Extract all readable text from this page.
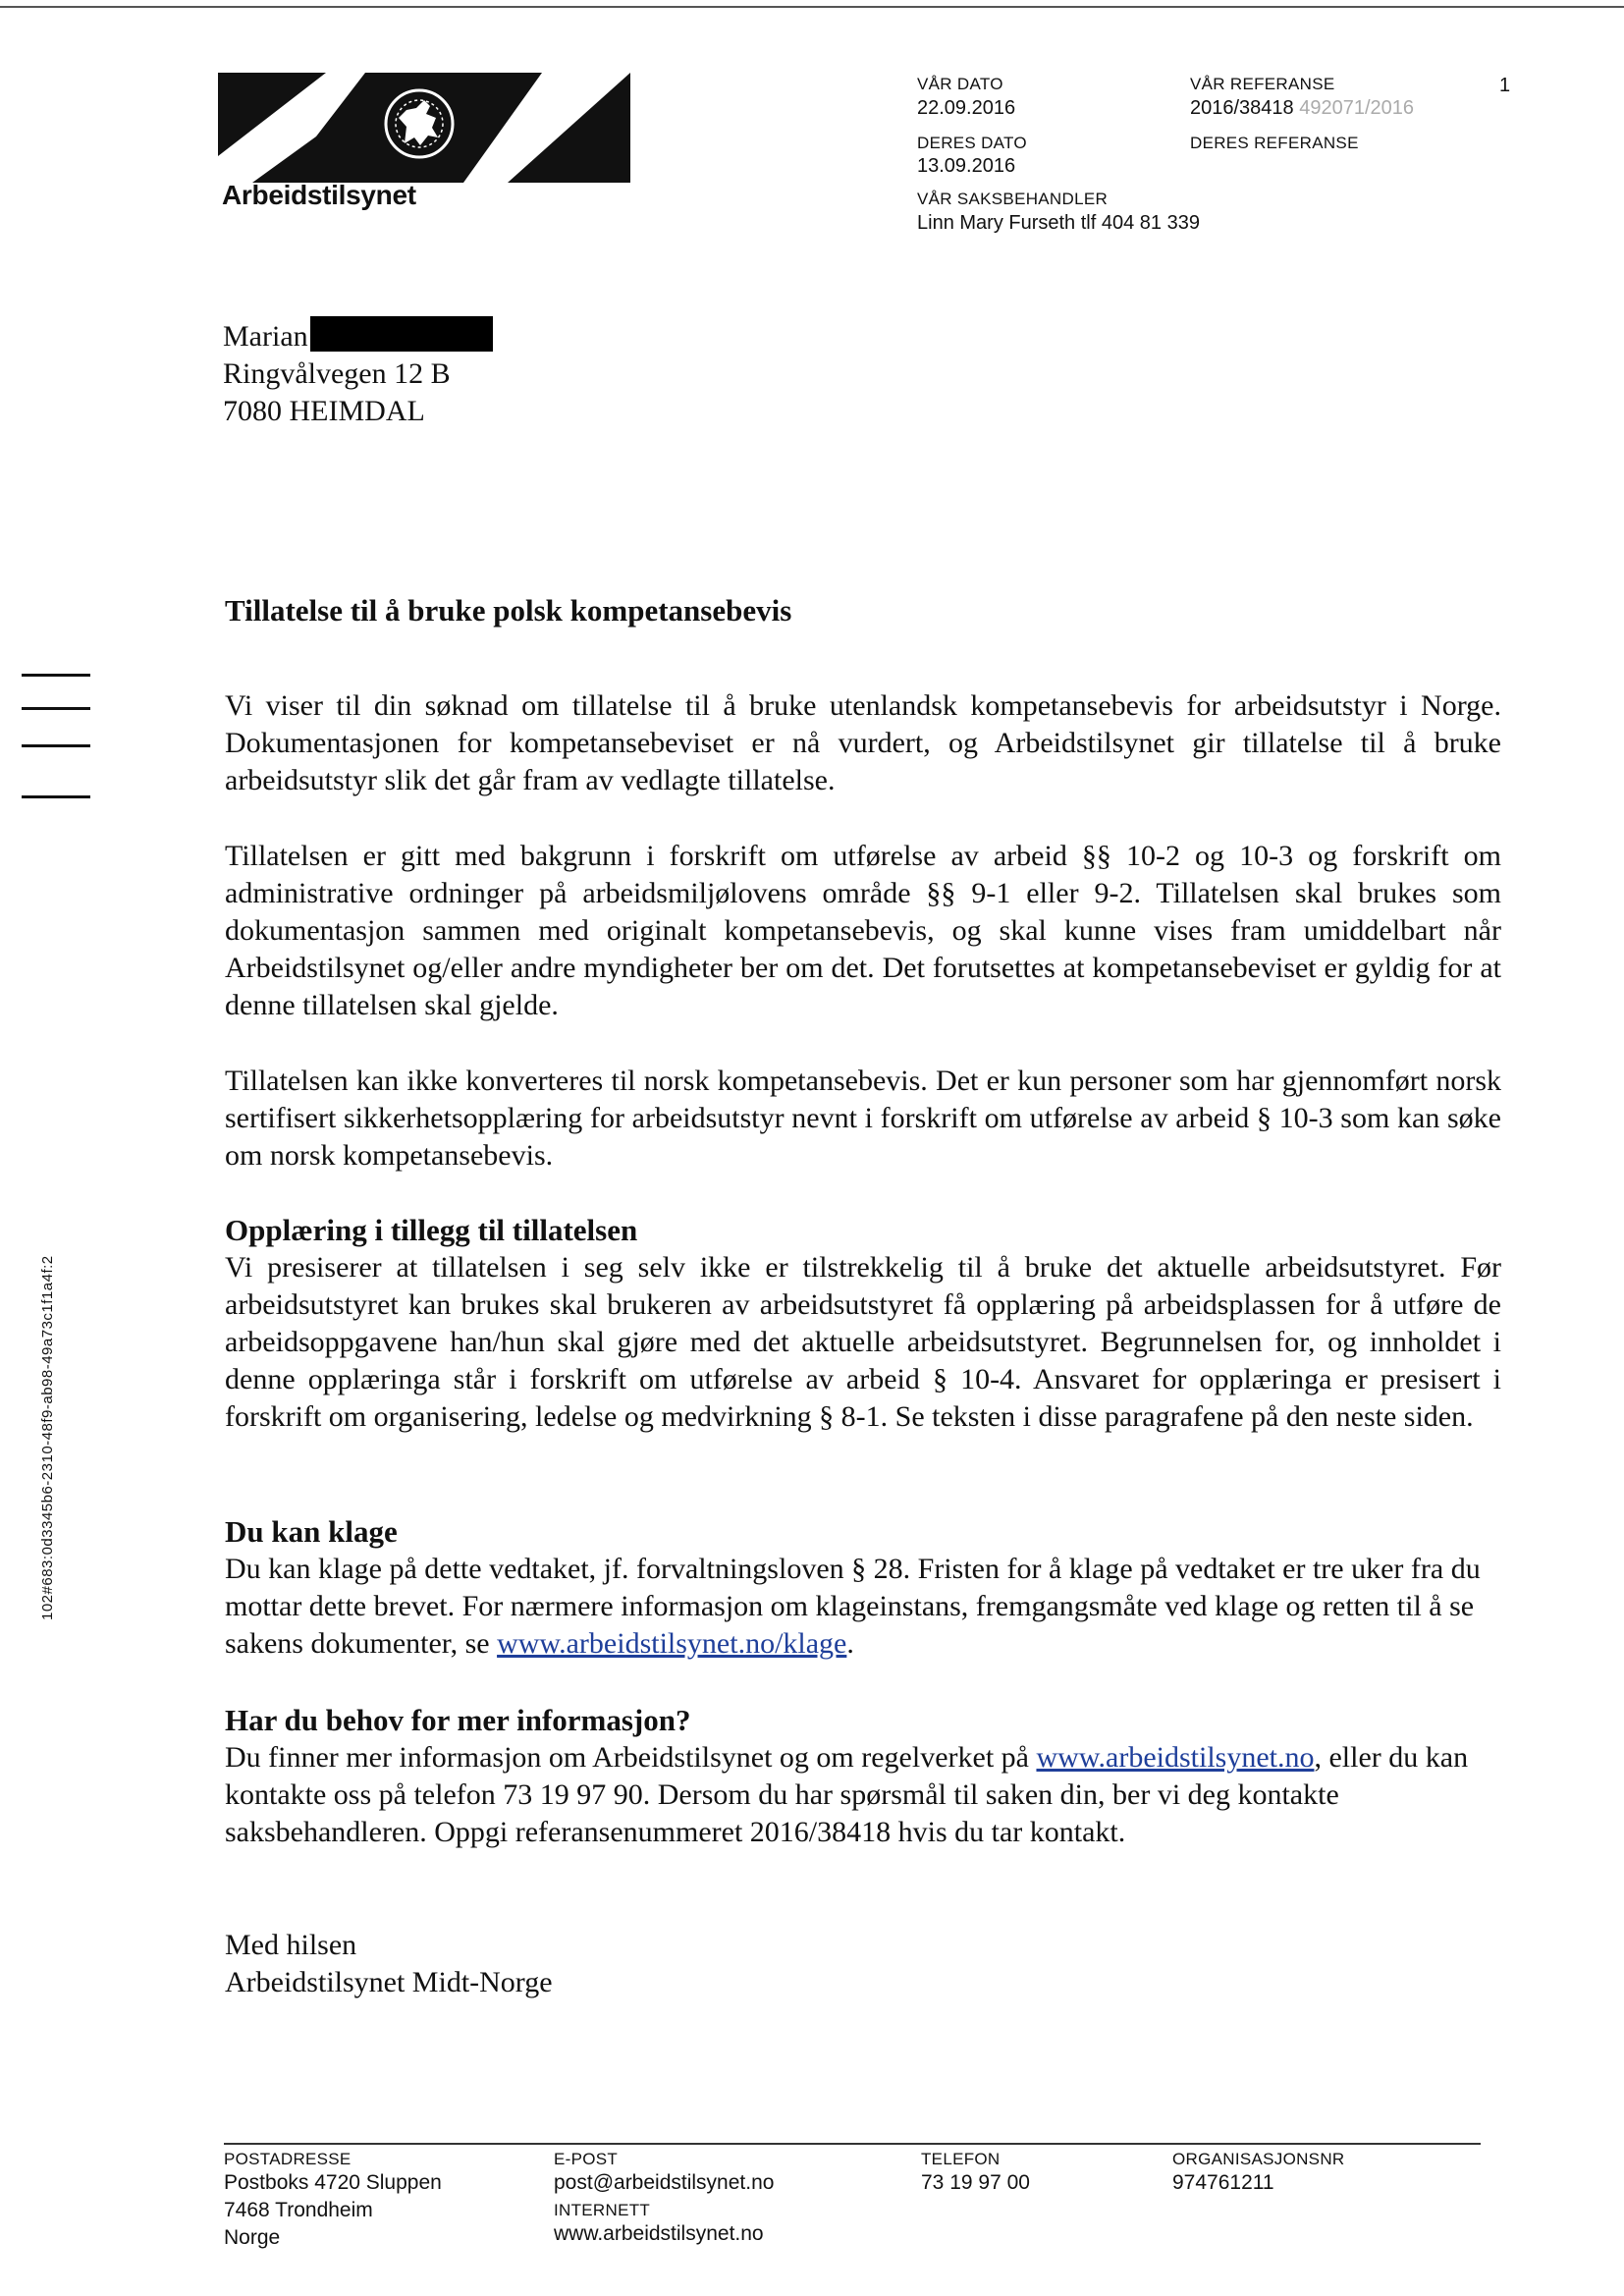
Arbeidstilsynet
VÅR DATO
22.09.2016
DERES DATO
13.09.2016
VÅR SAKSBEHANDLER
Linn Mary Furseth tlf 404 81 339
VÅR REFERANSE
2016/38418 492071/2016
DERES REFERANSE
1
Marian
Ringvålvegen 12 B
7080 HEIMDAL
102#683:0d3345b6-2310-48f9-ab98-49a73c1f1a4f:2

Tillatelse til å bruke polsk kompetansebevis

Vi viser til din søknad om tillatelse til å bruke utenlandsk kompetansebevis for arbeidsutstyr i Norge. Dokumentasjonen for kompetansebeviset er nå vurdert, og Arbeidstilsynet gir tillatelse til å bruke arbeidsutstyr slik det går fram av vedlagte tillatelse.

Tillatelsen er gitt med bakgrunn i forskrift om utførelse av arbeid §§ 10-2 og 10-3 og forskrift om administrative ordninger på arbeidsmiljølovens område §§ 9-1 eller 9-2. Tillatelsen skal brukes som dokumentasjon sammen med originalt kompetansebevis, og skal kunne vises fram umiddelbart når Arbeidstilsynet og/eller andre myndigheter ber om det. Det forutsettes at kompetansebeviset er gyldig for at denne tillatelsen skal gjelde.

Tillatelsen kan ikke konverteres til norsk kompetansebevis. Det er kun personer som har gjennomført norsk sertifisert sikkerhetsopplæring for arbeidsutstyr nevnt i forskrift om utførelse av arbeid § 10-3 som kan søke om norsk kompetansebevis.

Opplæring i tillegg til tillatelsen

Vi presiserer at tillatelsen i seg selv ikke er tilstrekkelig til å bruke det aktuelle arbeidsutstyret. Før arbeidsutstyret kan brukes skal brukeren av arbeidsutstyret få opplæring på arbeidsplassen for å utføre de arbeidsoppgavene han/hun skal gjøre med det aktuelle arbeidsutstyret. Begrunnelsen for, og innholdet i denne opplæringa står i forskrift om utførelse av arbeid § 10-4. Ansvaret for opplæringa er presisert i forskrift om organisering, ledelse og medvirkning § 8-1. Se teksten i disse paragrafene på den neste siden.

Du kan klage

Du kan klage på dette vedtaket, jf. forvaltningsloven § 28. Fristen for å klage på vedtaket er tre uker fra du mottar dette brevet. For nærmere informasjon om klageinstans, fremgangsmåte ved klage og retten til å se sakens dokumenter, se www.arbeidstilsynet.no/klage.

Har du behov for mer informasjon?

Du finner mer informasjon om Arbeidstilsynet og om regelverket på www.arbeidstilsynet.no, eller du kan kontakte oss på telefon 73 19 97 90. Dersom du har spørsmål til saken din, ber vi deg kontakte saksbehandleren. Oppgi referansenummeret 2016/38418 hvis du tar kontakt.

Med hilsen
Arbeidstilsynet Midt-Norge
POSTADRESSE
Postboks 4720 Sluppen
7468 Trondheim
Norge
E-POST
post@arbeidstilsynet.no
INTERNETT
www.arbeidstilsynet.no
TELEFON
73 19 97 00
ORGANISASJONSNR
974761211
